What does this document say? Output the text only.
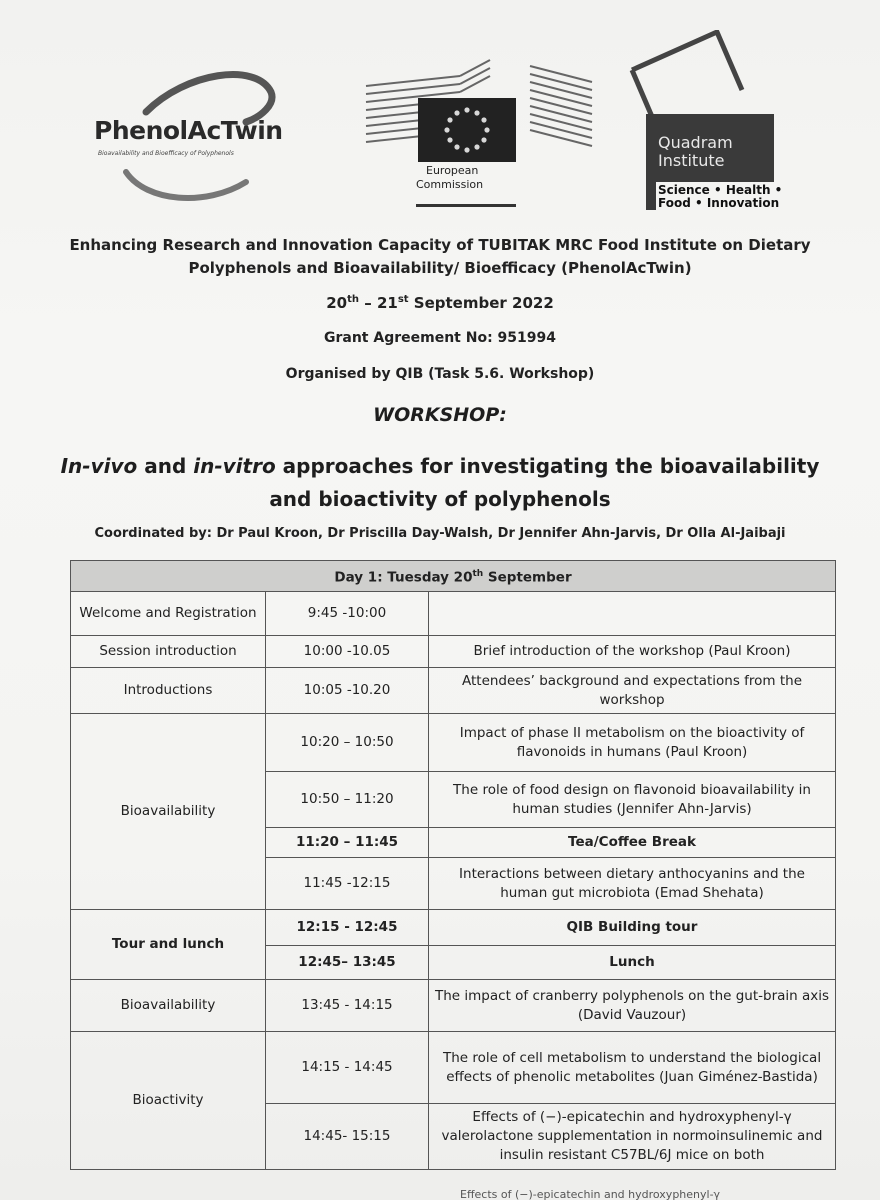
PhenolAcTwin
Bioavailability and Bioefficacy of Polyphenols
European
Commission
Quadram
Institute
Science • Health •
Food • Innovation
Enhancing Research and Innovation Capacity of TUBITAK MRC Food Institute on Dietary
Polyphenols and Bioavailability/ Bioefficacy (PhenolAcTwin)
20th – 21st September 2022
Grant Agreement No: 951994
Organised by QIB (Task 5.6. Workshop)
WORKSHOP:
In-vivo and in-vitro approaches for investigating the bioavailability
and bioactivity of polyphenols
Coordinated by: Dr Paul Kroon, Dr Priscilla Day-Walsh, Dr Jennifer Ahn-Jarvis, Dr Olla Al-Jaibaji
Day 1: Tuesday 20th September		
Welcome and Registration	9:45 -10:00	
Session introduction	10:00 -10.05	Brief introduction of the workshop (Paul Kroon)
Introductions	10:05 -10.20	Attendees’ background and expectations from the workshop
Bioavailability	10:20 – 10:50	Impact of phase II metabolism on the bioactivity of flavonoids in humans (Paul Kroon)
	10:50 – 11:20	The role of food design on flavonoid bioavailability in human studies (Jennifer Ahn-Jarvis)
	11:20 – 11:45	Tea/Coffee Break
	11:45 -12:15	Interactions between dietary anthocyanins and the human gut microbiota (Emad Shehata)
Tour and lunch	12:15 - 12:45	QIB Building tour
	12:45– 13:45	Lunch
Bioavailability	13:45 - 14:15	The impact of cranberry polyphenols on the gut-brain axis (David Vauzour)
Bioactivity	14:15 - 14:45	The role of cell metabolism to understand the biological effects of phenolic metabolites (Juan Giménez-Bastida)
	14:45- 15:15	Effects of (−)-epicatechin and hydroxyphenyl-γ valerolactone supplementation in normoinsulinemic and insulin resistant C57BL/6J mice on both
Effects of (−)-epicatechin and hydroxyphenyl-γ
